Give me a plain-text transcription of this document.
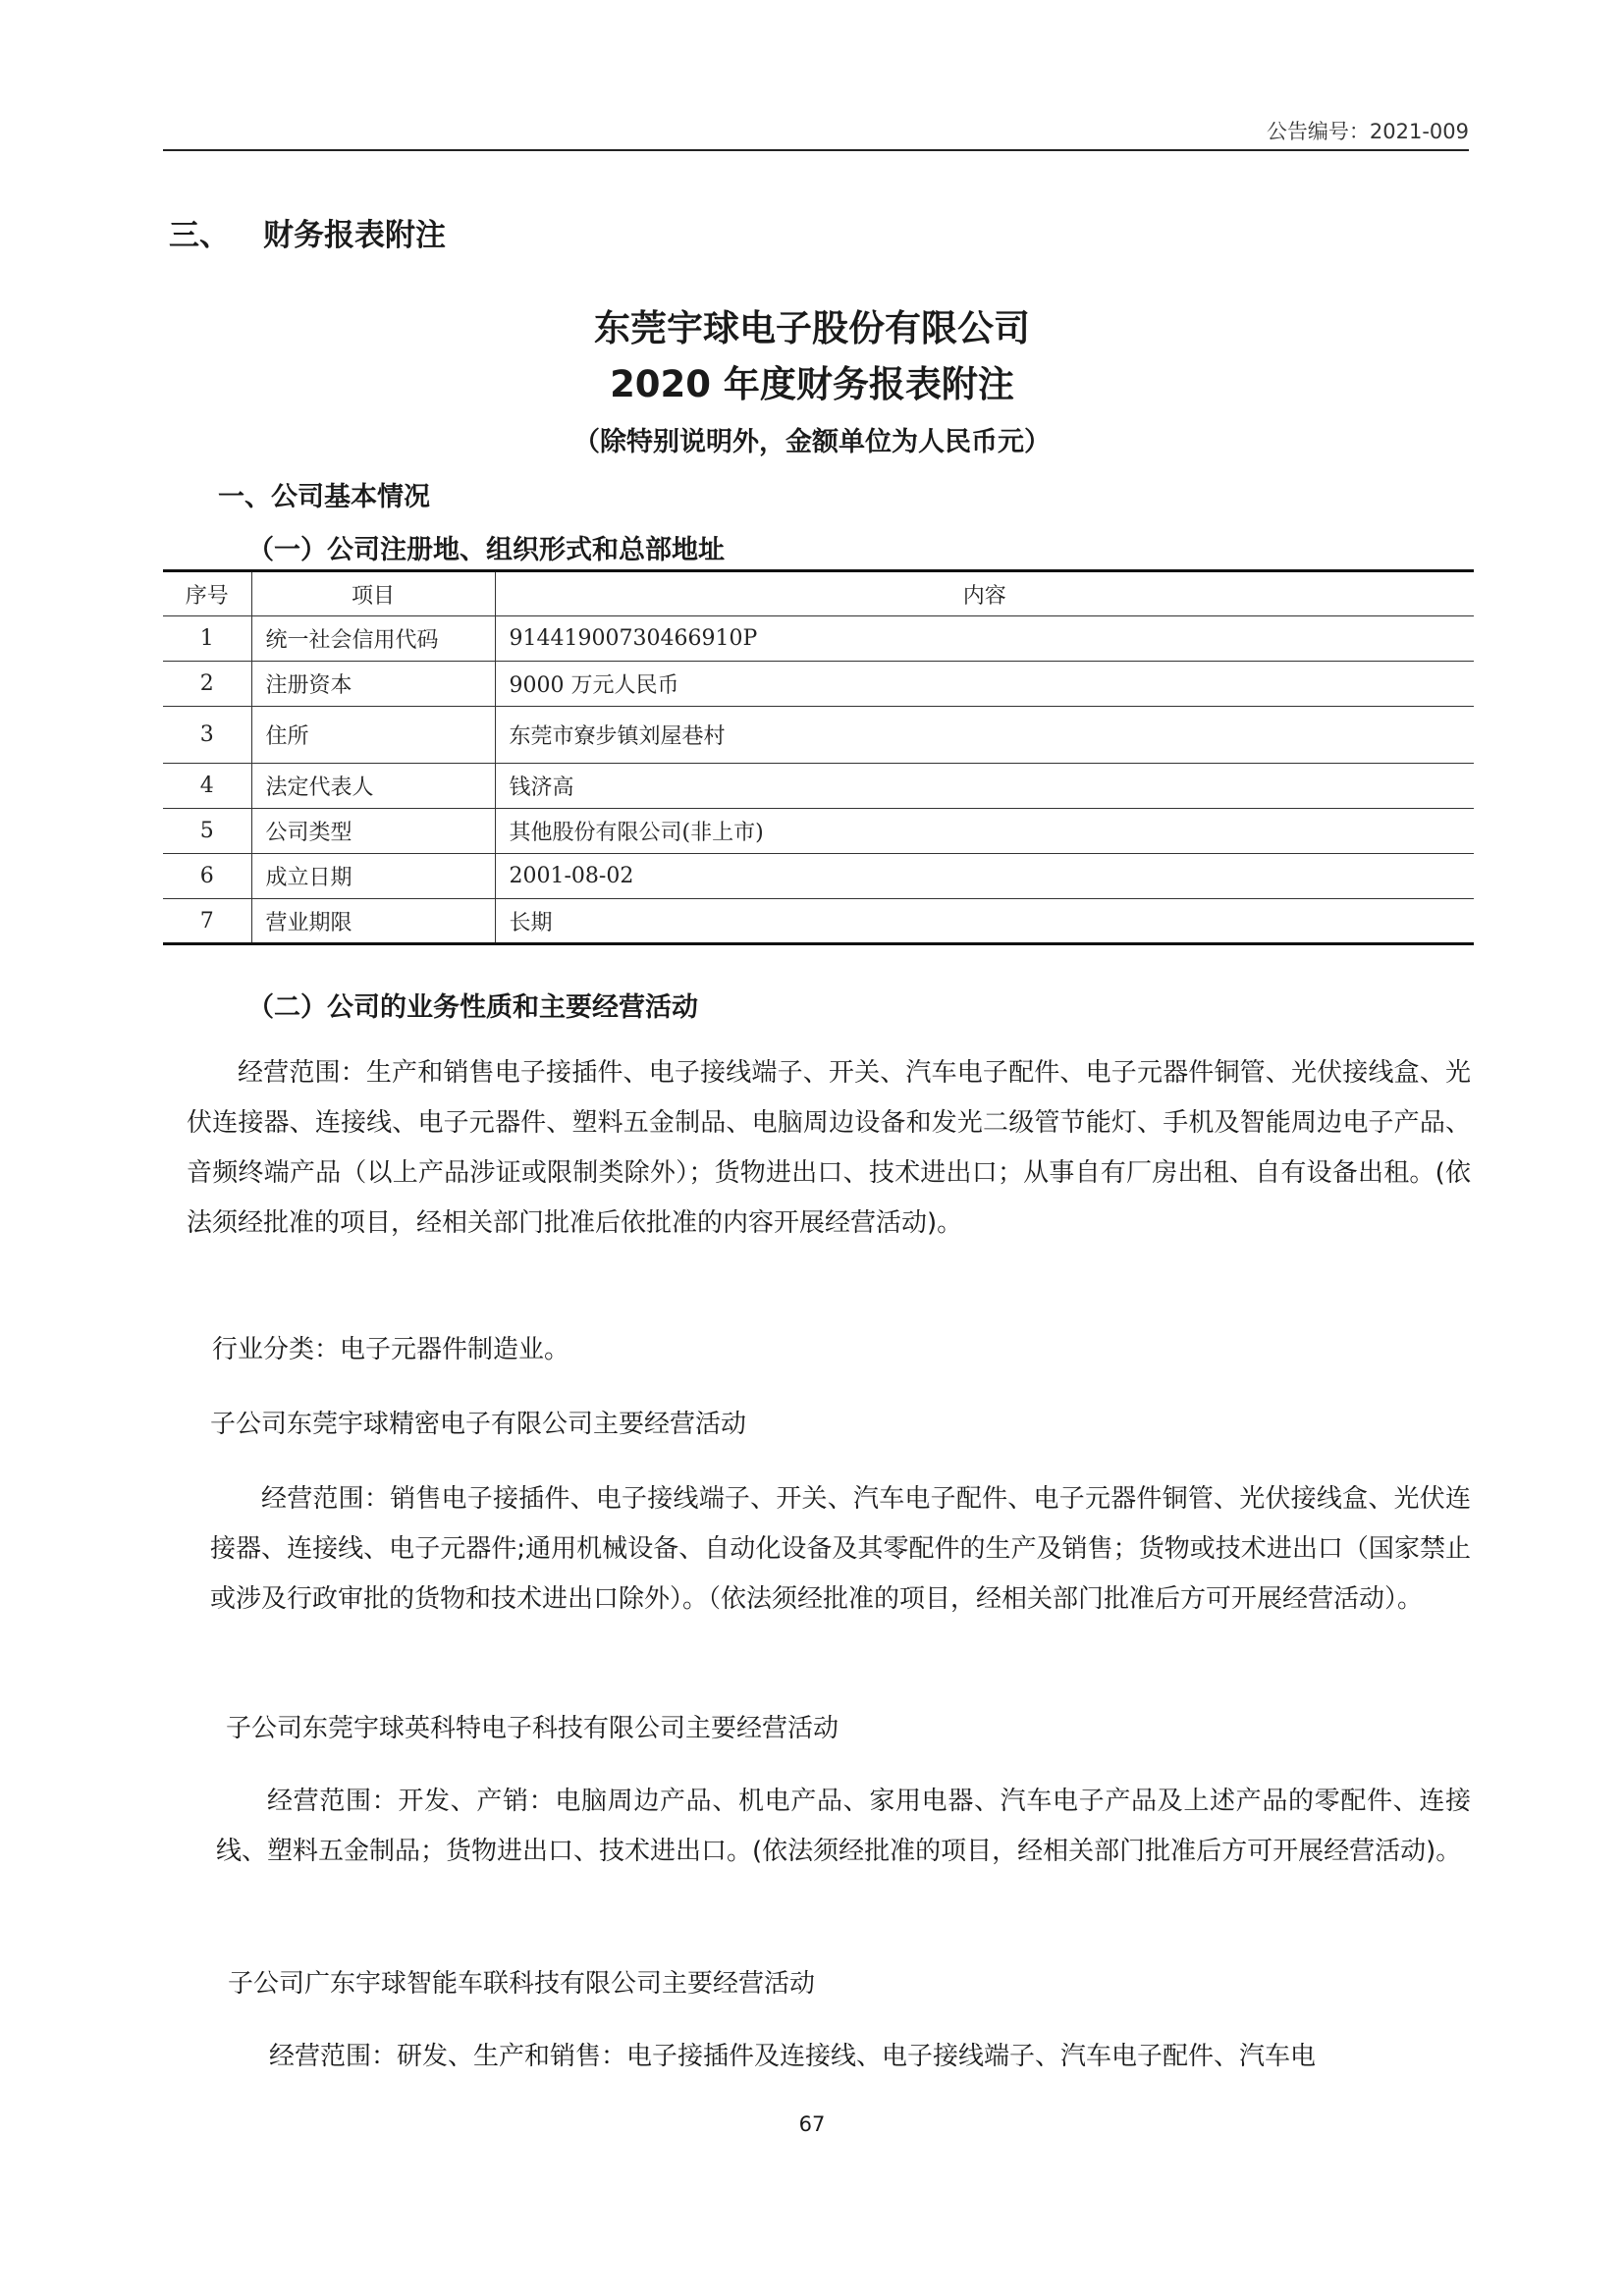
公告编号：2021-009
三、 财务报表附注
东莞宇球电子股份有限公司
2020 年度财务报表附注
（除特别说明外，金额单位为人民币元）
一、公司基本情况
（一）公司注册地、组织形式和总部地址
序号	项目	内容
1	统一社会信用代码	91441900730466910P
2	注册资本	9000 万元人民币
3	住所	东莞市寮步镇刘屋巷村
4	法定代表人	钱济高
5	公司类型	其他股份有限公司(非上市)
6	成立日期	2001-08-02
7	营业期限	长期
（二）公司的业务性质和主要经营活动
经营范围：生产和销售电子接插件、电子接线端子、开关、汽车电子配件、电子元器件铜管、光伏接线盒、光伏连接器、连接线、电子元器件、塑料五金制品、电脑周边设备和发光二级管节能灯、手机及智能周边电子产品、音频终端产品（以上产品涉证或限制类除外）；货物进出口、技术进出口；从事自有厂房出租、自有设备出租。(依法须经批准的项目，经相关部门批准后依批准的内容开展经营活动)。
行业分类：电子元器件制造业。
子公司东莞宇球精密电子有限公司主要经营活动
经营范围：销售电子接插件、电子接线端子、开关、汽车电子配件、电子元器件铜管、光伏接线盒、光伏连接器、连接线、电子元器件;通用机械设备、自动化设备及其零配件的生产及销售；货物或技术进出口（国家禁止或涉及行政审批的货物和技术进出口除外）。（依法须经批准的项目，经相关部门批准后方可开展经营活动）。
子公司东莞宇球英科特电子科技有限公司主要经营活动
经营范围：开发、产销：电脑周边产品、机电产品、家用电器、汽车电子产品及上述产品的零配件、连接线、塑料五金制品；货物进出口、技术进出口。(依法须经批准的项目，经相关部门批准后方可开展经营活动)。
子公司广东宇球智能车联科技有限公司主要经营活动
经营范围：研发、生产和销售：电子接插件及连接线、电子接线端子、汽车电子配件、汽车电
67
